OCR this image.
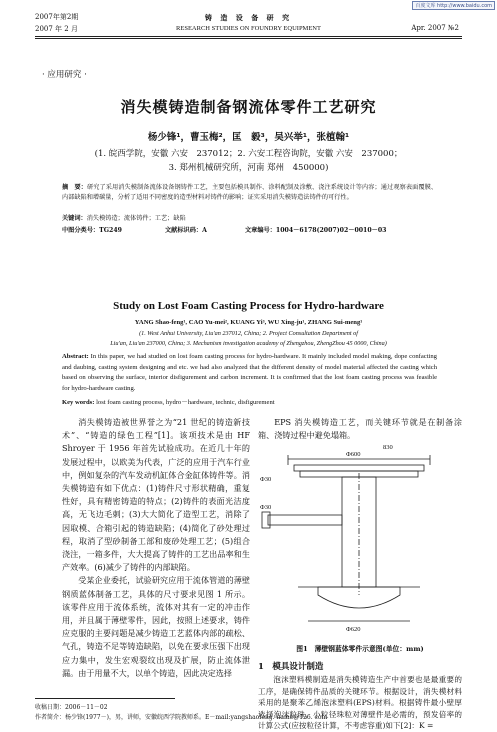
百度文库 http://www.baidu.com
2007年第2期	铸 造 设 备 研 究
2007 年 2 月	RESEARCH STUDIES ON FOUNDRY EQUIPMENT	Apr. 2007 №2
· 应用研究 ·
消失模铸造制备钢流体零件工艺研究
杨少锋¹，曹玉梅²，匡　毅³，吴兴举¹，张植翰¹
(1. 皖西学院，安徽 六安　237012；2. 六安工程咨询院，安徽 六安　237000；
3. 郑州机械研究所，河南 郑州　450000)
摘　要：研究了采用消失模制备流体设备钢铸件工艺，主要包括模具制作、涂料配制及涂敷、浇注系统设计等内容；通过观察表面覆膜、内部缺陷和增碳量，分析了适用不同密度的造型材料对铸件的影响；证实采用消失模铸造法铸件的可行性。
关键词：消失模铸造；流体铸件；工艺；缺陷
中图分类号：TG249	文献标识码：A	文章编号：1004－6178(2007)02－0010－03
Study on Lost Foam Casting Process for Hydro-hardware
YANG Shao-feng¹, CAO Yu-mei², KUANG Yi³, WU Xing-ju¹, ZHANG Sui-meng¹
(1. West Anhui University, Liu'an 237012, China; 2. Project Consultation Department of
Liu'an, Liu'an 237000, China; 3. Mechanism investigation academy of Zhengzhou, ZhengZhou 45 0000, China)
Abstract: In this paper, we had studied on lost foam casting process for hydro-hardware. It mainly included model making, dope confacting and daubing, casting system designing and etc. we had also analyzed that the different density of model material affected the casting which based on observing the surface, interior disfigurement and carbon increment. It is confirmed that the lost foam casting process was feasible for hydro-hardware casting.
Key words: lost foam casting process, hydro－hardware, technic, disfigurement

消失模铸造被世界誉之为“21 世纪的铸造新技术”、“铸造的绿色工程”[1]。该项技术是由 HF Shroyer 于 1956 年首先试验成功。在近几十年的发展过程中，以欧美为代表，广泛的应用于汽车行业中，例如复杂的汽车发动机缸体合金缸体铸件等。消失模铸造有如下优点：(1)铸件尺寸形状精确，重复性好，具有精密铸造的特点；(2)铸件的表面光洁度高，无飞边毛刺；(3)大大简化了造型工艺，消除了因取模、合箱引起的铸造缺陷；(4)简化了砂处理过程，取消了型砂制备工部和废砂处理工艺；(5)组合浇注，一箱多件，大大提高了铸件的工艺出品率和生产效率。(6)减少了铸件的内部缺陷。

受某企业委托，试验研究应用于流体管道的薄壁钢质蓝体制备工艺，具体的尺寸要求见图 1 所示。该零件应用于流体系统，流体对其有一定的冲击作用，并且属于薄壁零件，因此，按照上述要求，铸件应克服的主要问题是减少铸造工艺蓝体内部的疏松、气孔，铸造不足等铸造缺陷，以免在要求压强下出现应力集中，发生宏观裂纹出现及扩展，防止流体泄漏。由于用量不大，以单个铸造，因此决定选择

EPS 消失模铸造工艺，而关键环节就是在制备涂箱、浇铸过程中避免塌箱。

Φ30
Φ600
Φ30
Φ620
830
图1　薄壁钢蓝体零件示意图(单位：mm)
1　模具设计制造

泡沫塑料模制造是消失模铸造生产中首要也是最重要的工序，是确保铸件品质的关键环节。根据设计，消失模材料采用的是聚苯乙烯泡沫塑料(EPS)材料。根据铸件最小壁厚选择泡沫粒珠，小粒径珠粒对薄壁件是必需的，预发倍率的计算公式(应按粒径计算，不考虑容重)如下[2]：K =

收稿日期：2006－11－02
作者简介：杨少锋(1977－)，男，讲师，安徽皖西学院教师系。E－mail:yangshaofeng. name@126. com
